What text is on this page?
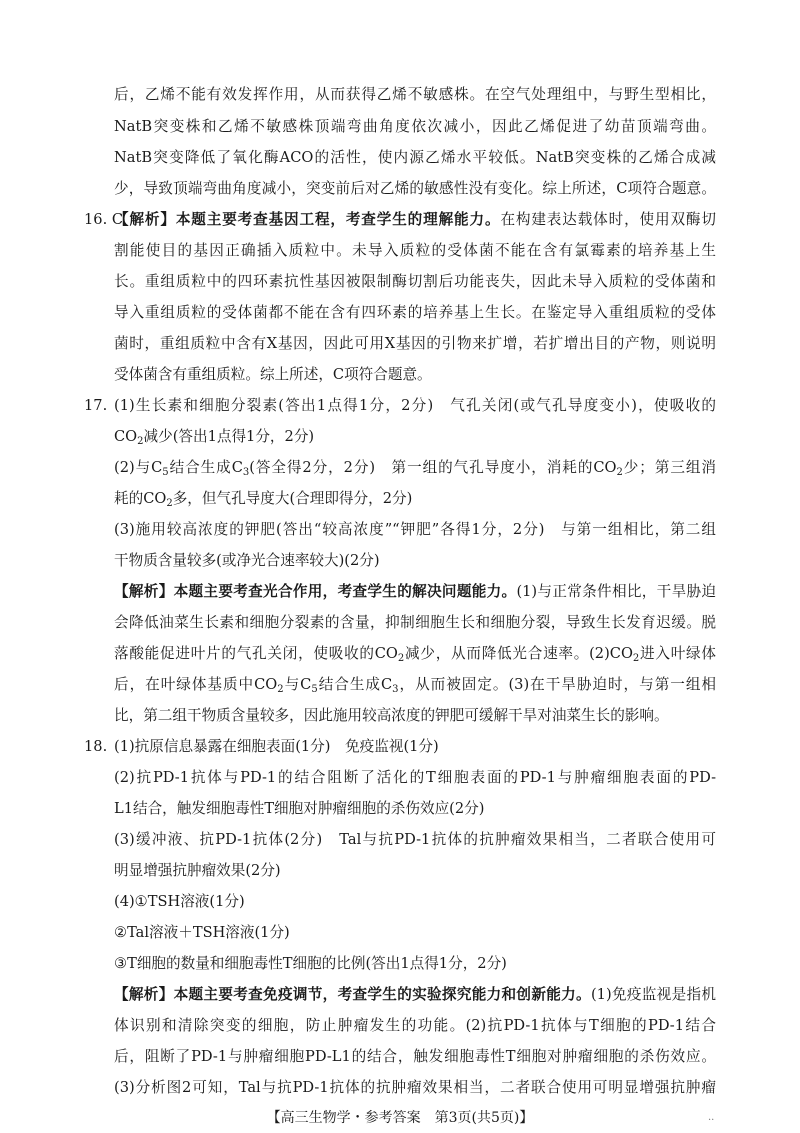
后，乙烯不能有效发挥作用，从而获得乙烯不敏感株。在空气处理组中，与野生型相比，
NatB突变株和乙烯不敏感株顶端弯曲角度依次减小，因此乙烯促进了幼苗顶端弯曲。
NatB突变降低了氧化酶ACO的活性，使内源乙烯水平较低。NatB突变株的乙烯合成减
少，导致顶端弯曲角度减小，突变前后对乙烯的敏感性没有变化。综上所述，C项符合题意。
16. C
【解析】本题主要考查基因工程，考查学生的理解能力。在构建表达载体时，使用双酶切
割能使目的基因正确插入质粒中。未导入质粒的受体菌不能在含有氯霉素的培养基上生
长。重组质粒中的四环素抗性基因被限制酶切割后功能丧失，因此未导入质粒的受体菌和
导入重组质粒的受体菌都不能在含有四环素的培养基上生长。在鉴定导入重组质粒的受体
菌时，重组质粒中含有X基因，因此可用X基因的引物来扩增，若扩增出目的产物，则说明
受体菌含有重组质粒。综上所述，C项符合题意。
17. (1)生长素和细胞分裂素(答出1点得1分，2分)　气孔关闭(或气孔导度变小)，使吸收的
$CO_2$减少(答出1点得1分，2分)
(2)与$C_5$结合生成$C_3$(答全得2分，2分)　第一组的气孔导度小，消耗的$CO_2$少；第三组消
耗的$CO_2$多，但气孔导度大(合理即得分，2分)
(3)施用较高浓度的钾肥(答出“较高浓度”“钾肥”各得1分，2分)　与第一组相比，第二组
干物质含量较多(或净光合速率较大)(2分)
【解析】本题主要考查光合作用，考查学生的解决问题能力。(1)与正常条件相比，干旱胁迫
会降低油菜生长素和细胞分裂素的含量，抑制细胞生长和细胞分裂，导致生长发育迟缓。脱
落酸能促进叶片的气孔关闭，使吸收的$CO_2$减少，从而降低光合速率。$(2)CO_2$进入叶绿体
后，在叶绿体基质中$CO_2$与$C_5$结合生成$C_3$，从而被固定。(3)在干旱胁迫时，与第一组相
比，第二组干物质含量较多，因此施用较高浓度的钾肥可缓解干旱对油菜生长的影响。
18. (1)抗原信息暴露在细胞表面(1分)　免疫监视(1分)
(2)抗PD-1抗体与PD-1的结合阻断了活化的T细胞表面的PD-1与肿瘤细胞表面的PD-
L1结合，触发细胞毒性T细胞对肿瘤细胞的杀伤效应(2分)
(3)缓冲液、抗PD-1抗体(2分)　Tal与抗PD-1抗体的抗肿瘤效果相当，二者联合使用可
明显增强抗肿瘤效果(2分)
(4)①TSH溶液(1分)
②Tal溶液＋TSH溶液(1分)
③T细胞的数量和细胞毒性T细胞的比例(答出1点得1分，2分)
【解析】本题主要考查免疫调节，考查学生的实验探究能力和创新能力。(1)免疫监视是指机
体识别和清除突变的细胞，防止肿瘤发生的功能。(2)抗PD-1抗体与T细胞的PD-1结合
后，阻断了PD-1与肿瘤细胞PD-L1的结合，触发细胞毒性T细胞对肿瘤细胞的杀伤效应。
(3)分析图2可知，Tal与抗PD-1抗体的抗肿瘤效果相当，二者联合使用可明显增强抗肿瘤
【高三生物学・参考答案　第3页(共5页)】	..
